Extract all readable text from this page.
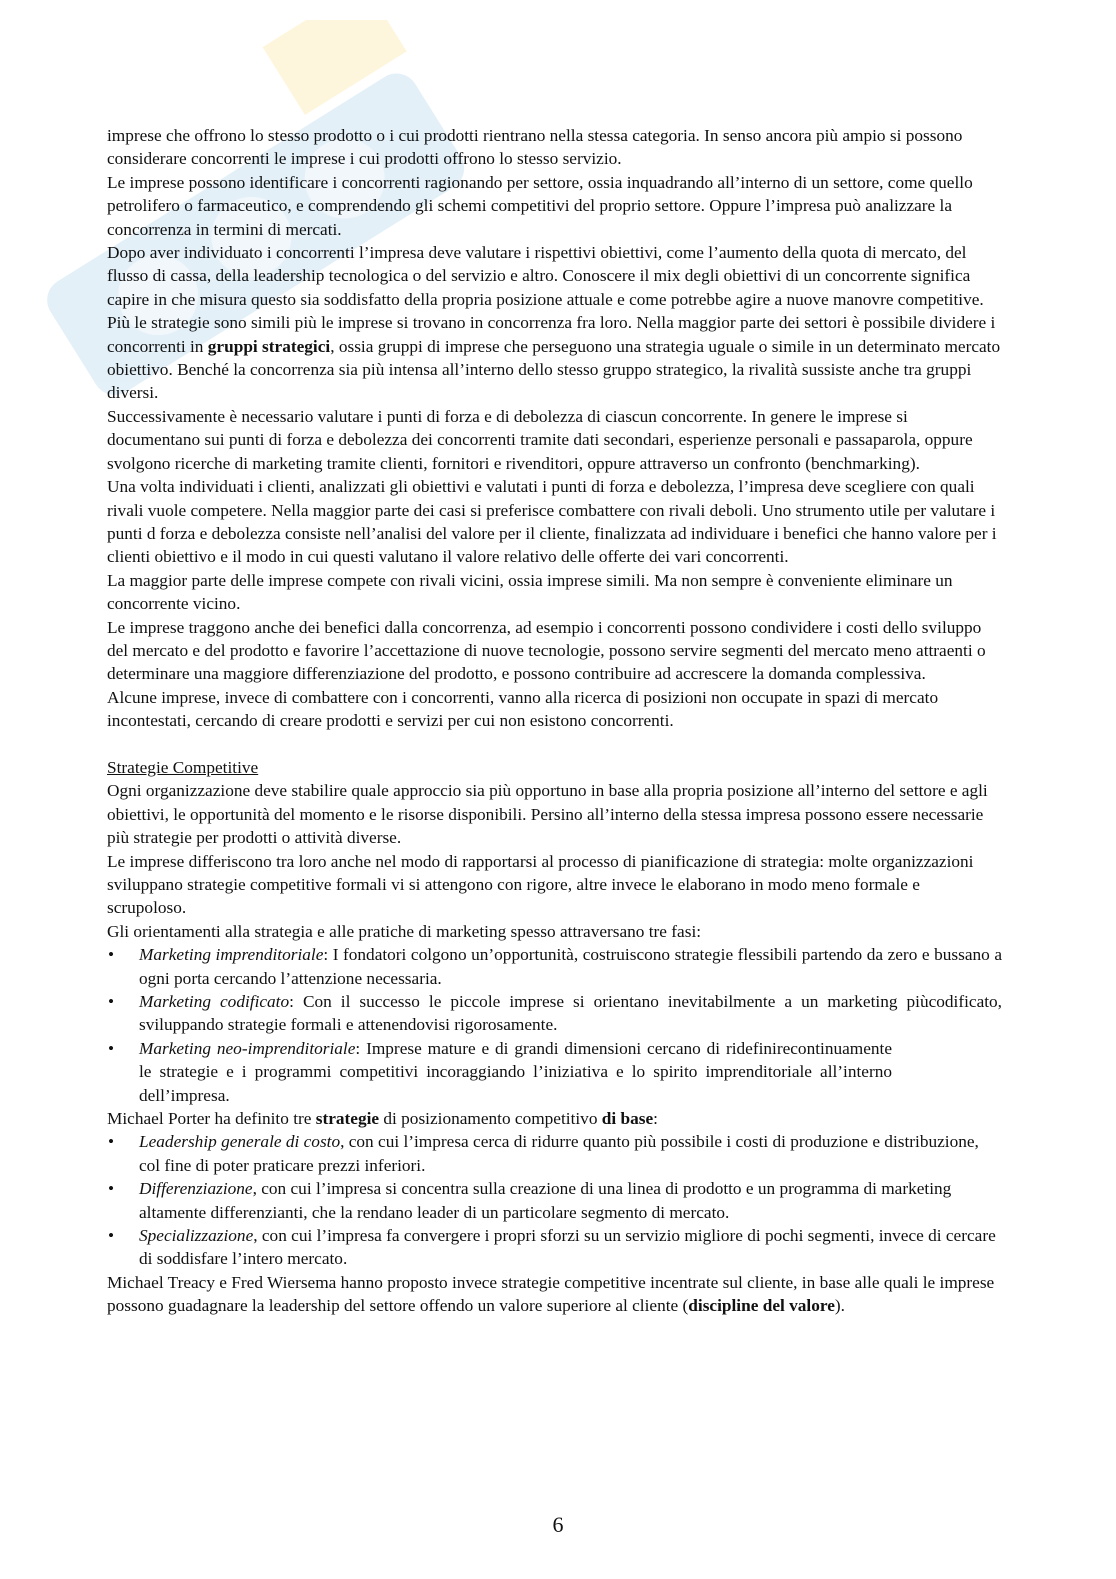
imprese che offrono lo stesso prodotto o i cui prodotti rientrano nella stessa categoria. In senso ancora più ampio si possono considerare concorrenti le imprese i cui prodotti offrono lo stesso servizio.

Le imprese possono identificare i concorrenti ragionando per settore, ossia inquadrando all’interno di un settore, come quello petrolifero o farmaceutico, e comprendendo gli schemi competitivi del proprio settore. Oppure l’impresa può analizzare la concorrenza in termini di mercati.

Dopo aver individuato i concorrenti l’impresa deve valutare i rispettivi obiettivi, come l’aumento della quota di mercato, del flusso di cassa, della leadership tecnologica o del servizio e altro. Conoscere il mix degli obiettivi di un concorrente significa capire in che misura questo sia soddisfatto della propria posizione attuale e come potrebbe agire a nuove manovre competitive.

Più le strategie sono simili più le imprese si trovano in concorrenza fra loro. Nella maggior parte dei settori è possibile dividere i concorrenti in gruppi strategici, ossia gruppi di imprese che perseguono una strategia uguale o simile in un determinato mercato obiettivo. Benché la concorrenza sia più intensa all’interno dello stesso gruppo strategico, la rivalità sussiste anche tra gruppi diversi.

Successivamente è necessario valutare i punti di forza e di debolezza di ciascun concorrente. In genere le imprese si documentano sui punti di forza e debolezza dei concorrenti tramite dati secondari, esperienze personali e passaparola, oppure svolgono ricerche di marketing tramite clienti, fornitori e rivenditori, oppure attraverso un confronto (benchmarking).

Una volta individuati i clienti, analizzati gli obiettivi e valutati i punti di forza e debolezza, l’impresa deve scegliere con quali rivali vuole competere. Nella maggior parte dei casi si preferisce combattere con rivali deboli. Uno strumento utile per valutare i punti d forza e debolezza consiste nell’analisi del valore per il cliente, finalizzata ad individuare i benefici che hanno valore per i clienti obiettivo e il modo in cui questi valutano il valore relativo delle offerte dei vari concorrenti.

La maggior parte delle imprese compete con rivali vicini, ossia imprese simili. Ma non sempre è conveniente eliminare un concorrente vicino.

Le imprese traggono anche dei benefici dalla concorrenza, ad esempio i concorrenti possono condividere i costi dello sviluppo del mercato e del prodotto e favorire l’accettazione di nuove tecnologie, possono servire segmenti del mercato meno attraenti o determinare una maggiore differenziazione del prodotto, e possono contribuire ad accrescere la domanda complessiva.

Alcune imprese, invece di combattere con i concorrenti, vanno alla ricerca di posizioni non occupate in spazi di mercato incontestati, cercando di creare prodotti e servizi per cui non esistono concorrenti.

Strategie Competitive

Ogni organizzazione deve stabilire quale approccio sia più opportuno in base alla propria posizione all’interno del settore e agli obiettivi, le opportunità del momento e le risorse disponibili. Persino all’interno della stessa impresa possono essere necessarie più strategie per prodotti o attività diverse.

Le imprese differiscono tra loro anche nel modo di rapportarsi al processo di pianificazione di strategia: molte organizzazioni sviluppano strategie competitive formali vi si attengono con rigore, altre invece le elaborano in modo meno formale e scrupoloso.

Gli orientamenti alla strategia e alle pratiche di marketing spesso attraversano tre fasi:

• Marketing imprenditoriale: I fondatori colgono un’opportunità, costruiscono strategie flessibili partendo da zero e bussano a ogni porta cercando l’attenzione necessaria.
• Marketing codificato: Con il successo le piccole imprese si orientano inevitabilmente a un marketing piùcodificato, sviluppando strategie formali e attenendovisi rigorosamente.
• Marketing neo-imprenditoriale: Imprese mature e di grandi dimensioni cercano di ridefinirecontinuamente le strategie e i programmi competitivi incoraggiando l’iniziativa e lo spirito imprenditoriale all’interno dell’impresa.

Michael Porter ha definito tre strategie di posizionamento competitivo di base:

• Leadership generale di costo, con cui l’impresa cerca di ridurre quanto più possibile i costi di produzione e distribuzione, col fine di poter praticare prezzi inferiori.
• Differenziazione, con cui l’impresa si concentra sulla creazione di una linea di prodotto e un programma di marketing altamente differenzianti, che la rendano leader di un particolare segmento di mercato.
• Specializzazione, con cui l’impresa fa convergere i propri sforzi su un servizio migliore di pochi segmenti, invece di cercare di soddisfare l’intero mercato.

Michael Treacy e Fred Wiersema hanno proposto invece strategie competitive incentrate sul cliente, in base alle quali le imprese possono guadagnare la leadership del settore offendo un valore superiore al cliente (discipline del valore).

6
